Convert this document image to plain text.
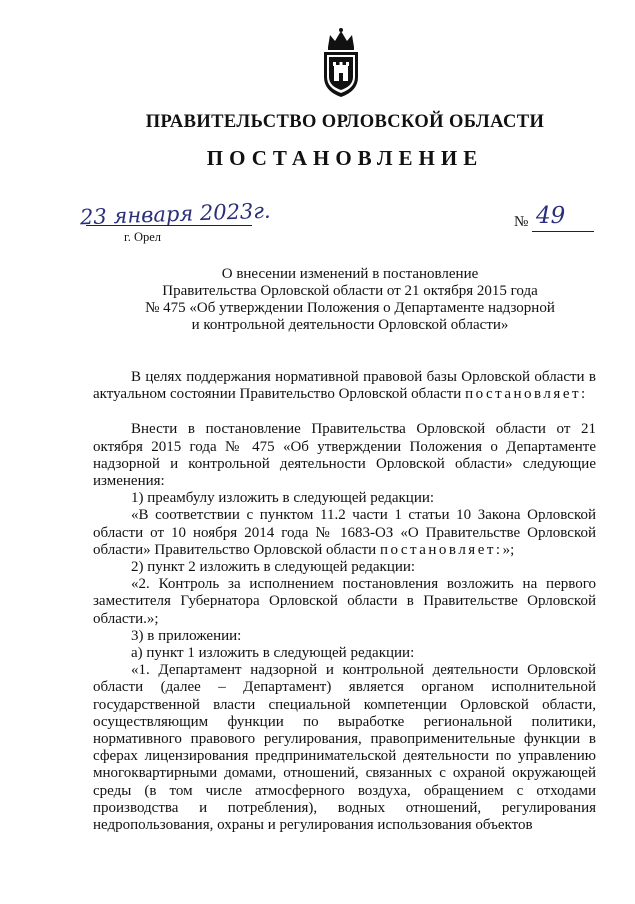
ПРАВИТЕЛЬСТВО ОРЛОВСКОЙ ОБЛАСТИ
ПОСТАНОВЛЕНИЕ
23 января 2023г.
г. Орел
№ 49
О внесении изменений в постановление
Правительства Орловской области от 21 октября 2015 года
№ 475 «Об утверждении Положения о Департаменте надзорной
и контрольной деятельности Орловской области»

В целях поддержания нормативной правовой базы Орловской области в актуальном состоянии Правительство Орловской области постановляет:

Внести в постановление Правительства Орловской области от 21 октября 2015 года № 475 «Об утверждении Положения о Департаменте надзорной и контрольной деятельности Орловской области» следующие изменения:

1) преамбулу изложить в следующей редакции:

«В соответствии с пунктом 11.2 части 1 статьи 10 Закона Орловской области от 10 ноября 2014 года № 1683-ОЗ «О Правительстве Орловской области» Правительство Орловской области постановляет:»;

2) пункт 2 изложить в следующей редакции:

«2. Контроль за исполнением постановления возложить на первого заместителя Губернатора Орловской области в Правительстве Орловской области.»;

3) в приложении:

а) пункт 1 изложить в следующей редакции:

«1. Департамент надзорной и контрольной деятельности Орловской области (далее – Департамент) является органом исполнительной государственной власти специальной компетенции Орловской области, осуществляющим функции по выработке региональной политики, нормативного правового регулирования, правоприменительные функции в сферах лицензирования предпринимательской деятельности по управлению многоквартирными домами, отношений, связанных с охраной окружающей среды (в том числе атмосферного воздуха, обращением с отходами производства и потребления), водных отношений, регулирования недропользования, охраны и регулирования использования объектов
